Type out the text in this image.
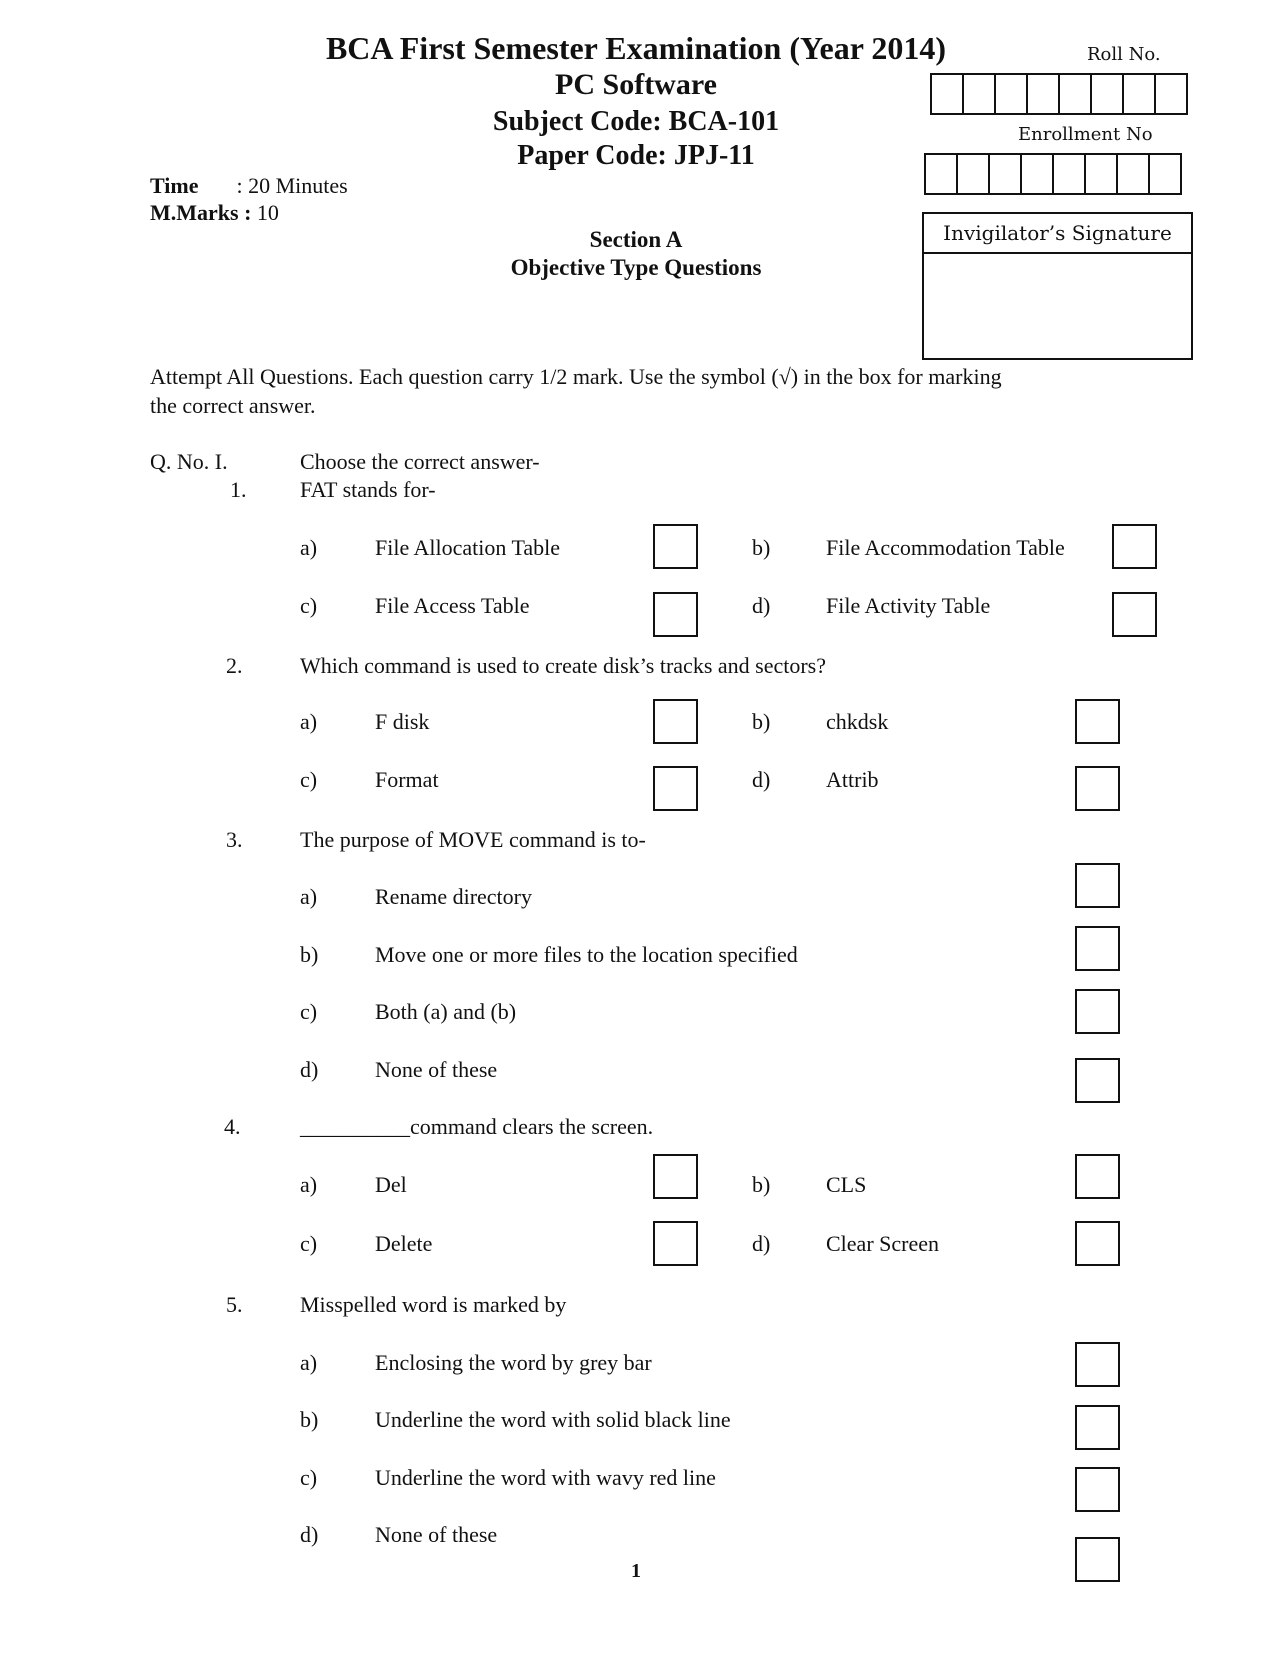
BCA First Semester Examination (Year 2014)
PC Software
Subject Code: BCA-101
Paper Code: JPJ-11
Time : 20 Minutes
M.Marks : 10
Section A
Objective Type Questions
Roll No.
Enrollment No
Invigilator’s Signature
Attempt All Questions. Each question carry 1/2 mark. Use the symbol (√) in the box for marking
the correct answer.
Q. No. I.	Choose the correct answer-
1. FAT stands for-
a)	File Allocation Table	b)	File Accommodation Table
c)	File Access Table	d)	File Activity Table
2.	Which command is used to create disk’s tracks and sectors?
a)	F disk	b)	chkdsk
c)	Format	d)	Attrib
3.	The purpose of MOVE command is to-
a)	Rename directory
b)	Move one or more files to the location specified
c)	Both (a) and (b)
d)	None of these
4.	__________command clears the screen.
a)	Del	b)	CLS
c)	Delete	d)	Clear Screen
5.	Misspelled word is marked by
a)	Enclosing the word by grey bar
b)	Underline the word with solid black line
c)	Underline the word with wavy red line
d)	None of these
1
